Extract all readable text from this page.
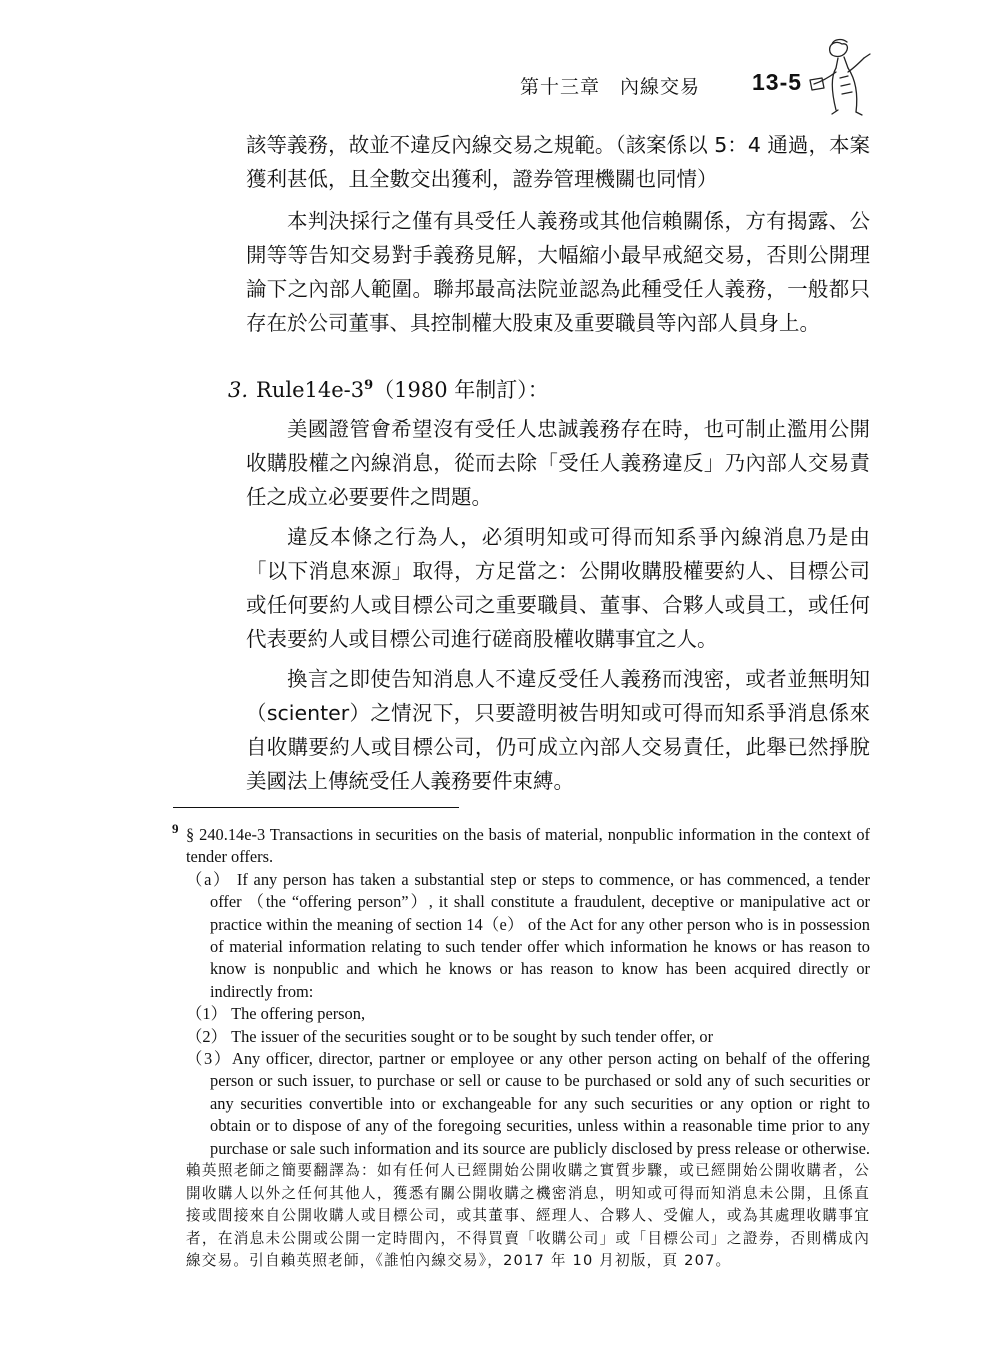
第十三章　內線交易 13-5

該等義務，故並不違反內線交易之規範。（該案係以 5：4 通過，本案獲利甚低，且全數交出獲利，證券管理機關也同情）

本判決採行之僅有具受任人義務或其他信賴關係，方有揭露、公開等等告知交易對手義務見解，大幅縮小最早戒絕交易，否則公開理論下之內部人範圍。聯邦最高法院並認為此種受任人義務，一般都只存在於公司董事、具控制權大股東及重要職員等內部人員身上。

3. $Rule14e-3^9(1980$ 年制訂）：

美國證管會希望沒有受任人忠誠義務存在時，也可制止濫用公開收購股權之內線消息，從而去除「受任人義務違反」乃內部人交易責任之成立必要要件之問題。

違反本條之行為人，必須明知或可得而知系爭內線消息乃是由「以下消息來源」取得，方足當之：公開收購股權要約人、目標公司或任何要約人或目標公司之重要職員、董事、合夥人或員工，或任何代表要約人或目標公司進行磋商股權收購事宜之人。

換言之即使告知消息人不違反受任人義務而洩密，或者並無明知（scienter）之情況下，只要證明被告明知或可得而知系爭消息係來自收購要約人或目標公司，仍可成立內部人交易責任，此舉已然掙脫美國法上傳統受任人義務要件束縛。

9 § 240.14e-3 Transactions in securities on the basis of material, nonpublic information in the context of tender offers.

（a） If any person has taken a substantial step or steps to commence, or has commenced, a tender offer （the “offering person”）, it shall constitute a fraudulent, deceptive or manipulative act or practice within the meaning of section 14（e） of the Act for any other person who is in possession of material information relating to such tender offer which information he knows or has reason to know is nonpublic and which he knows or has reason to know has been acquired directly or indirectly from:

（1） The offering person,

（2） The issuer of the securities sought or to be sought by such tender offer, or

（3）Any officer, director, partner or employee or any other person acting on behalf of the offering person or such issuer, to purchase or sell or cause to be purchased or sold any of such securities or any securities convertible into or exchangeable for any such securities or any option or right to obtain or to dispose of any of the foregoing securities, unless within a reasonable time prior to any purchase or sale such information and its source are publicly disclosed by press release or otherwise.

賴英照老師之簡要翻譯為：如有任何人已經開始公開收購之實質步驟，或已經開始公開收購者，公開收購人以外之任何其他人，獲悉有關公開收購之機密消息，明知或可得而知消息未公開，且係直接或間接來自公開收購人或目標公司，或其董事、經理人、合夥人、受僱人，或為其處理收購事宜者，在消息未公開或公開一定時間內，不得買賣「收購公司」或「目標公司」之證券，否則構成內線交易。引自賴英照老師，《誰怕內線交易》，2017 年 10 月初版，頁 207。
